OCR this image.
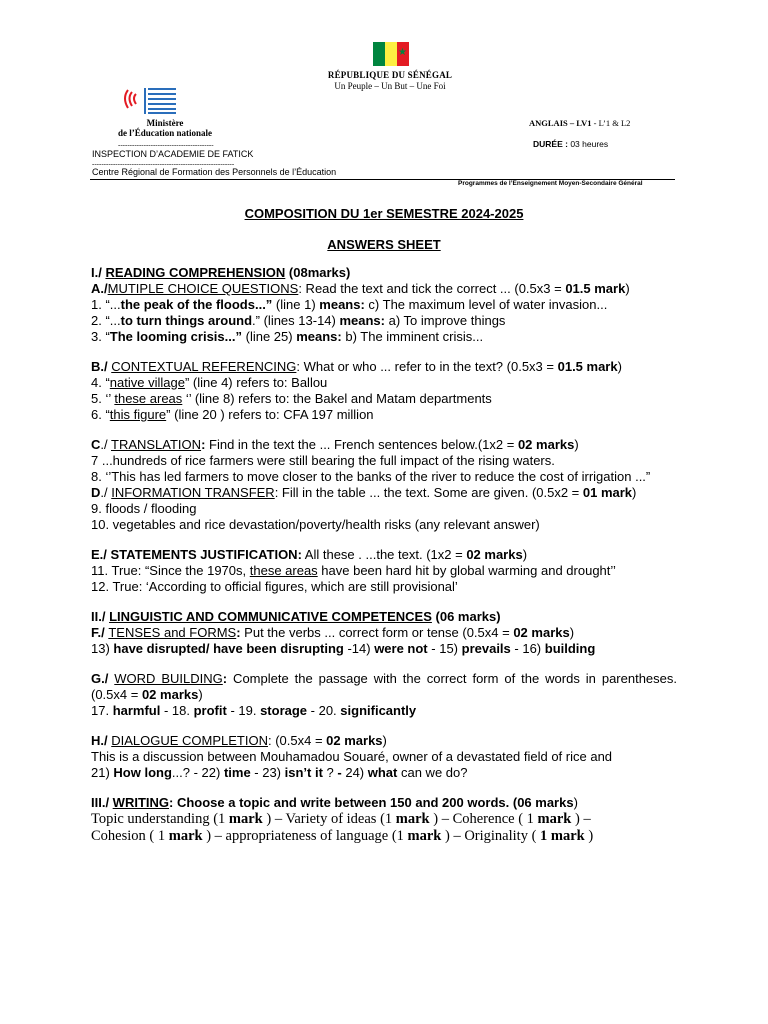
★
RÉPUBLIQUE DU SÉNÉGAL
Un Peuple – Un But – Une Foi
Ministère
de l’Éducation nationale
-----------------------------------------
INSPECTION D’ACADEMIE DE FATICK
-------------------------------------------------------------
Centre Régional de Formation des Personnels de l’Éducation
Programmes de l’Enseignement Moyen-Secondaire Général
ANGLAIS – LV1 - L’1 & L2
DURÉE : 03 heures

COMPOSITION DU 1er SEMESTRE 2024-2025

ANSWERS SHEET

I./ READING COMPREHENSION (08marks)

A./MUTIPLE CHOICE QUESTIONS: Read the text and tick the correct ... (0.5x3 = 01.5 mark)

1. “...the peak of the floods...” (line 1) means: c) The maximum level of water invasion...

2. “...to turn things around.” (lines 13-14) means: a) To improve things

3. “The looming crisis...” (line 25) means: b) The imminent crisis...

B./ CONTEXTUAL REFERENCING: What or who ... refer to in the text? (0.5x3 = 01.5 mark)

4. “native village” (line 4) refers to: Ballou

5. ‘’ these areas ‘’ (line 8) refers to: the Bakel and Matam departments

6. “this figure” (line 20 ) refers to: CFA 197 million

C./ TRANSLATION: Find in the text the ... French sentences below.(1x2 = 02 marks)

7 ...hundreds of rice farmers were still bearing the full impact of the rising waters.

8. ‘’This has led farmers to move closer to the banks of the river to reduce the cost of irrigation ...”

D./ INFORMATION TRANSFER: Fill in the table ... the text. Some are given. (0.5x2 = 01 mark)

9. floods / flooding

10. vegetables and rice devastation/poverty/health risks (any relevant answer)

E./ STATEMENTS JUSTIFICATION: All these . ...the text. (1x2 = 02 marks)

11. True: “Since the 1970s, these areas have been hard hit by global warming and drought’’

12. True: ‘According to official figures, which are still provisional’

II./ LINGUISTIC AND COMMUNICATIVE COMPETENCES (06 marks)

F./ TENSES and FORMS: Put the verbs ... correct form or tense (0.5x4 = 02 marks)

13) have disrupted/ have been disrupting -14) were not - 15) prevails - 16) building

G./ WORD BUILDING: Complete the passage with the correct form of the words in parentheses. (0.5x4 = 02 marks)

17. harmful - 18. profit - 19. storage - 20. significantly

H./ DIALOGUE COMPLETION: (0.5x4 = 02 marks)

This is a discussion between Mouhamadou Souaré, owner of a devastated field of rice and

21) How long...? - 22) time - 23) isn’t it ? - 24) what can we do?

III./ WRITING: Choose a topic and write between 150 and 200 words. (06 marks)

Topic understanding (1 mark ) – Variety of ideas (1 mark ) – Coherence ( 1 mark ) –

Cohesion ( 1 mark ) – appropriateness of language (1 mark ) – Originality ( 1 mark )
